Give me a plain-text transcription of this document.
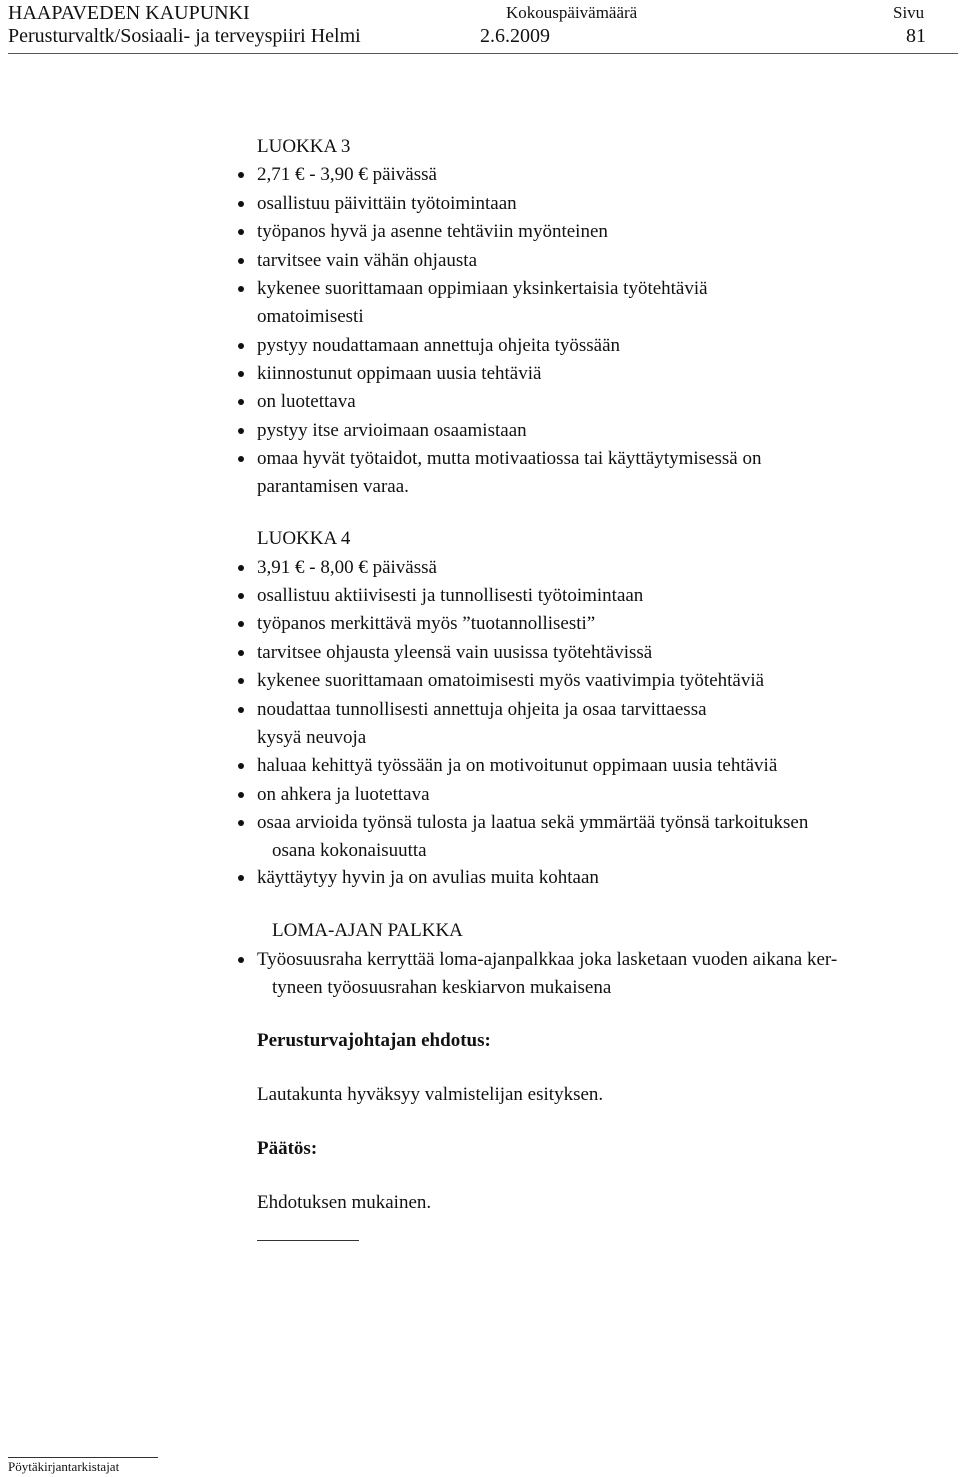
HAAPAVEDEN KAUPUNKI	Kokouspäivämäärä	Sivu
Perusturvaltk/Sosiaali- ja terveyspiiri Helmi	2.6.2009	81
LUOKKA 3
2,71 € - 3,90 € päivässä
osallistuu päivittäin työtoimintaan
työpanos hyvä ja asenne tehtäviin myönteinen
tarvitsee vain vähän ohjausta
kykenee suorittamaan oppimiaan yksinkertaisia työtehtäviä
omatoimisesti
pystyy noudattamaan annettuja ohjeita työssään
kiinnostunut oppimaan uusia tehtäviä
on luotettava
pystyy itse arvioimaan osaamistaan
omaa hyvät työtaidot, mutta motivaatiossa tai käyttäytymisessä on
parantamisen varaa.
LUOKKA 4
3,91 € - 8,00 € päivässä
osallistuu aktiivisesti ja tunnollisesti työtoimintaan
työpanos merkittävä myös ”tuotannollisesti”
tarvitsee ohjausta yleensä vain uusissa työtehtävissä
kykenee suorittamaan omatoimisesti myös vaativimpia työtehtäviä
noudattaa tunnollisesti annettuja ohjeita ja osaa tarvittaessa
kysyä neuvoja
haluaa kehittyä työssään ja on motivoitunut oppimaan uusia tehtäviä
on ahkera ja luotettava
osaa arvioida työnsä tulosta ja laatua sekä ymmärtää työnsä tarkoituksen
osana kokonaisuutta
käyttäytyy hyvin ja on avulias muita kohtaan
LOMA-AJAN PALKKA
Työosuusraha kerryttää loma-ajanpalkkaa joka lasketaan vuoden aikana ker-
tyneen työosuusrahan keskiarvon mukaisena
Perusturvajohtajan ehdotus:
Lautakunta hyväksyy valmistelijan esityksen.
Päätös:
Ehdotuksen mukainen.
Pöytäkirjantarkistajat
